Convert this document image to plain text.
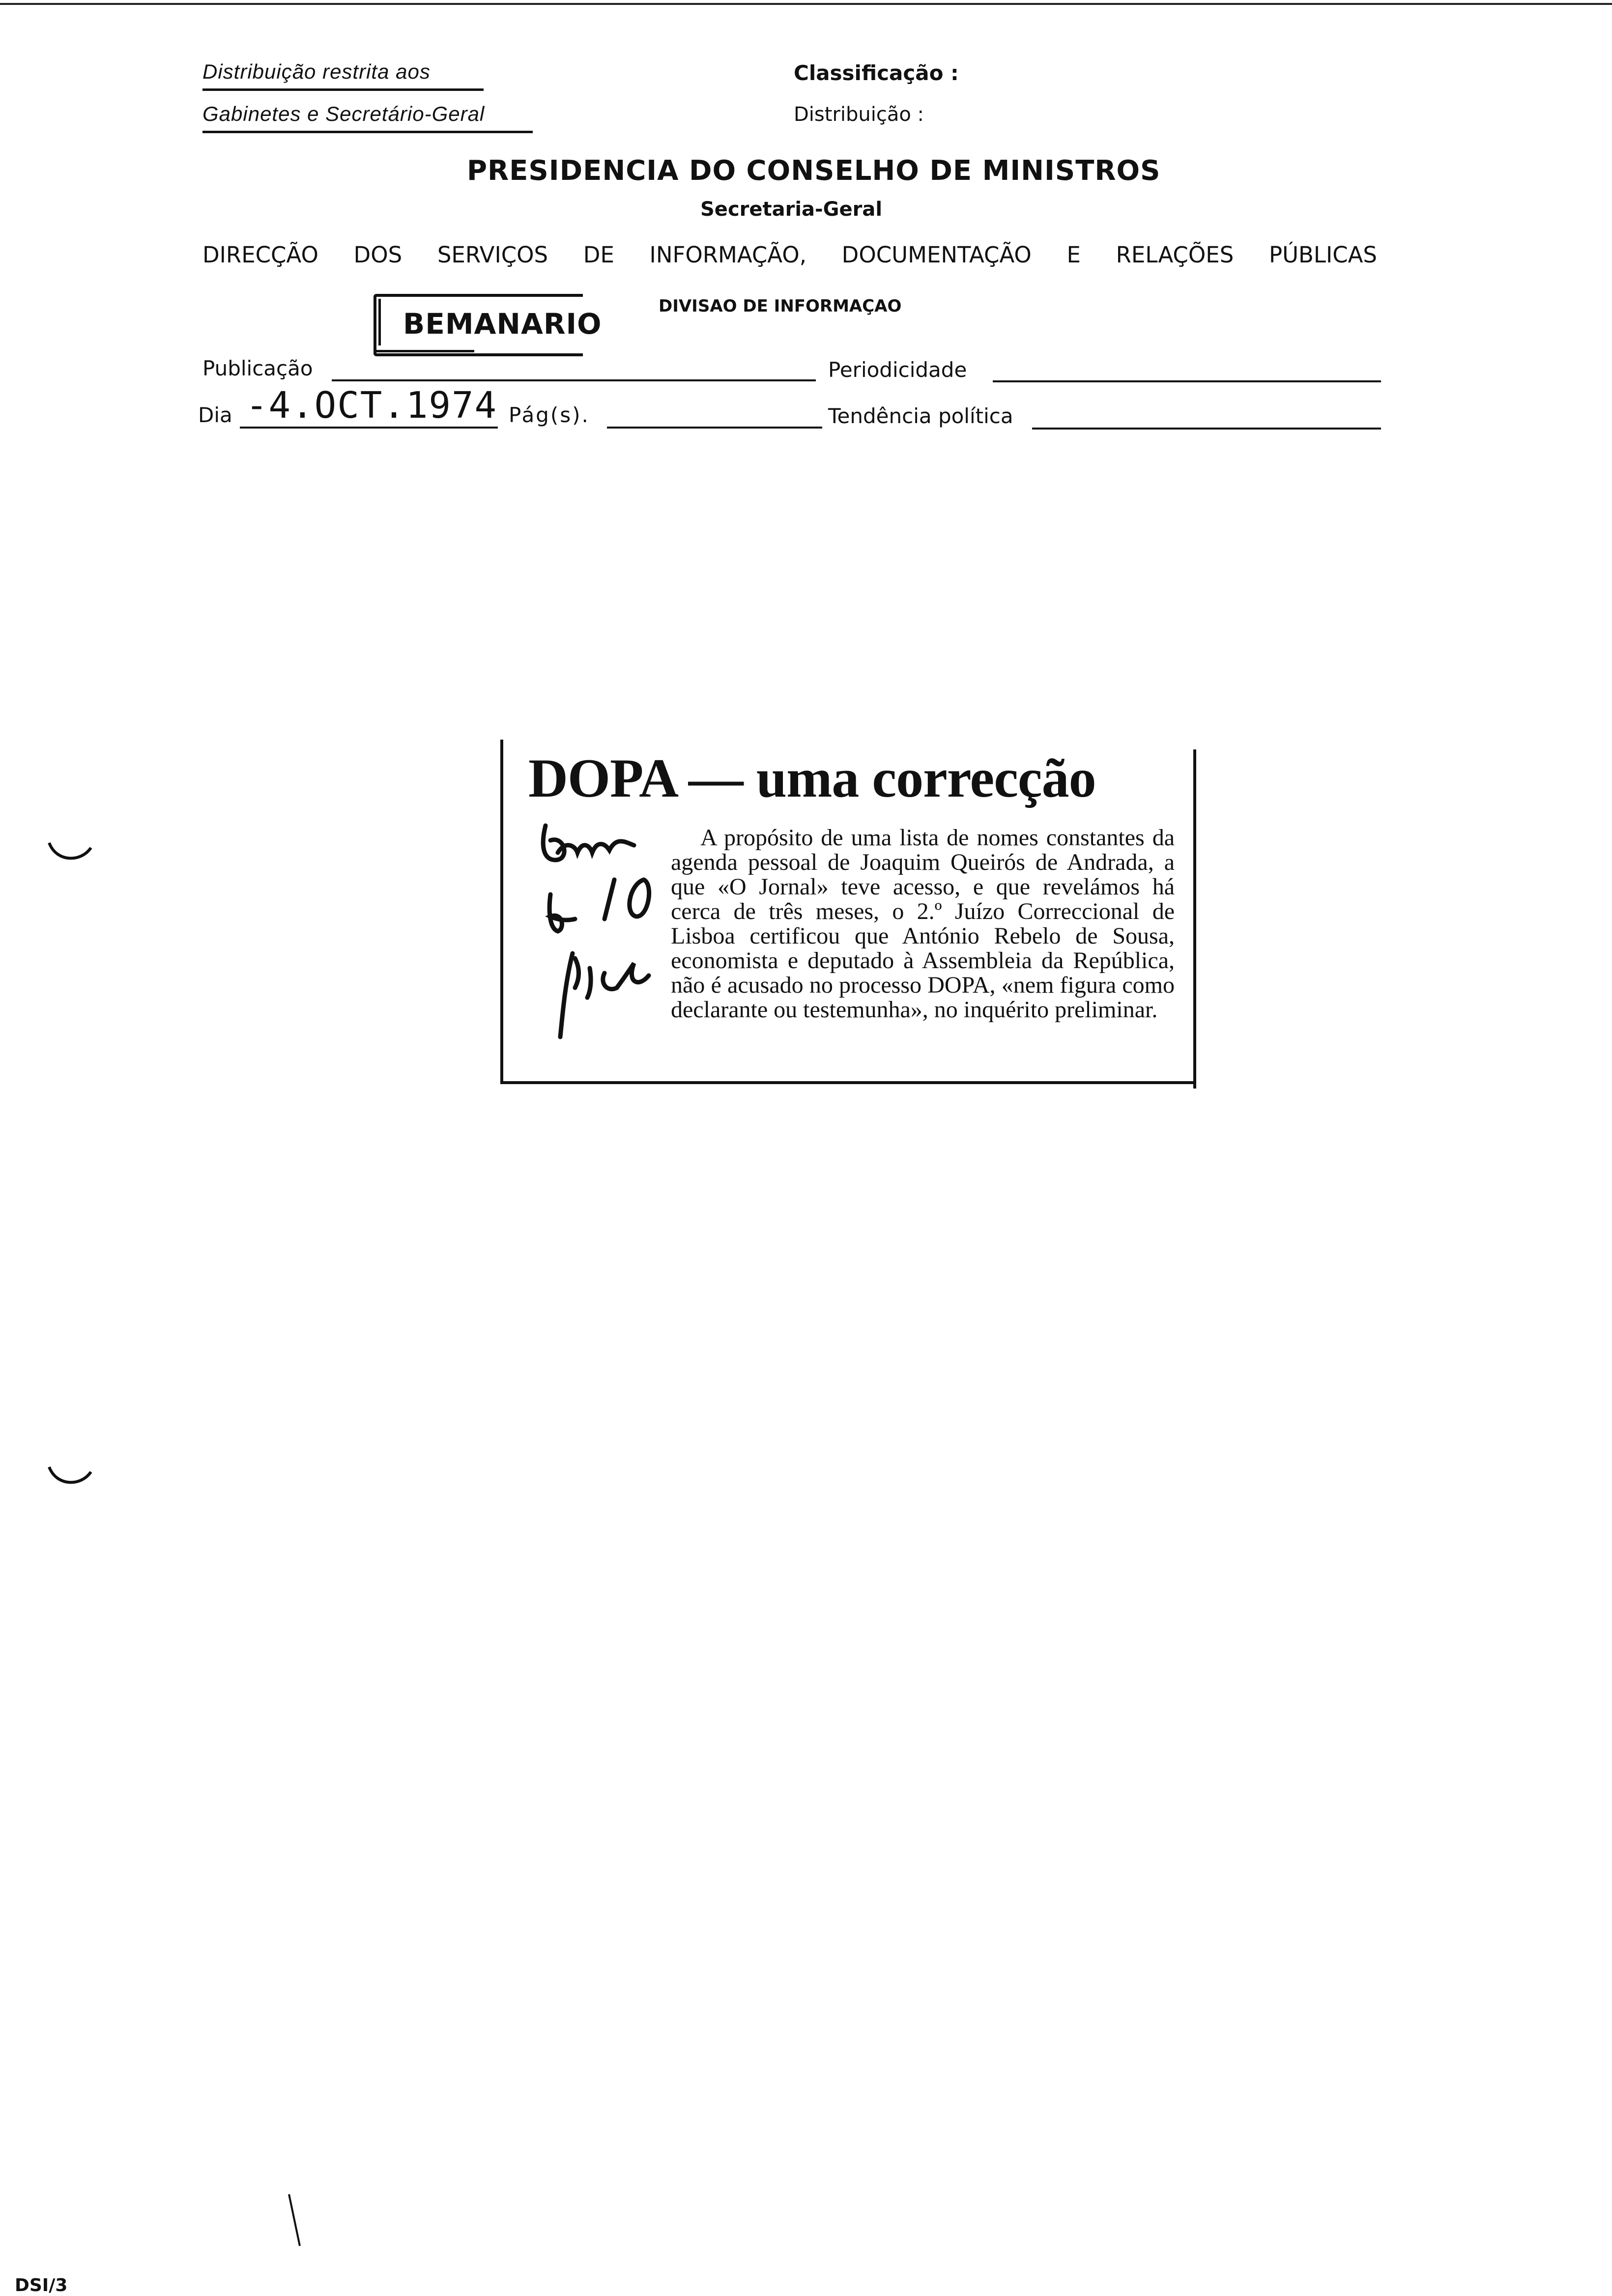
Distribuição restrita aos
Gabinetes e Secretário-Geral
Classificação :
Distribuição :
PRESIDENCIA DO CONSELHO DE MINISTROS
Secretaria-Geral
DIRECÇÃO DOS SERVIÇOS DE INFORMAÇÃO, DOCUMENTAÇÃO E RELAÇÕES PÚBLICAS
DIVISAO DE INFORMAÇAO
BEMANARIO
Publicação	Periodicidade
Dia -4.OCT.1974 Pág(s).	Tendência política
DOPA — uma correcção
A propósito de uma lista de nomes constantes da agenda pessoal de Joaquim Queirós de Andrada, a que «O Jornal» teve acesso, e que revelámos há cerca de três meses, o 2.º Juízo Correccional de Lisboa certificou que António Rebelo de Sousa, economista e deputado à Assembleia da República, não é acusado no processo DOPA, «nem figura como declarante ou testemunha», no inquérito preliminar.
DSI/3
